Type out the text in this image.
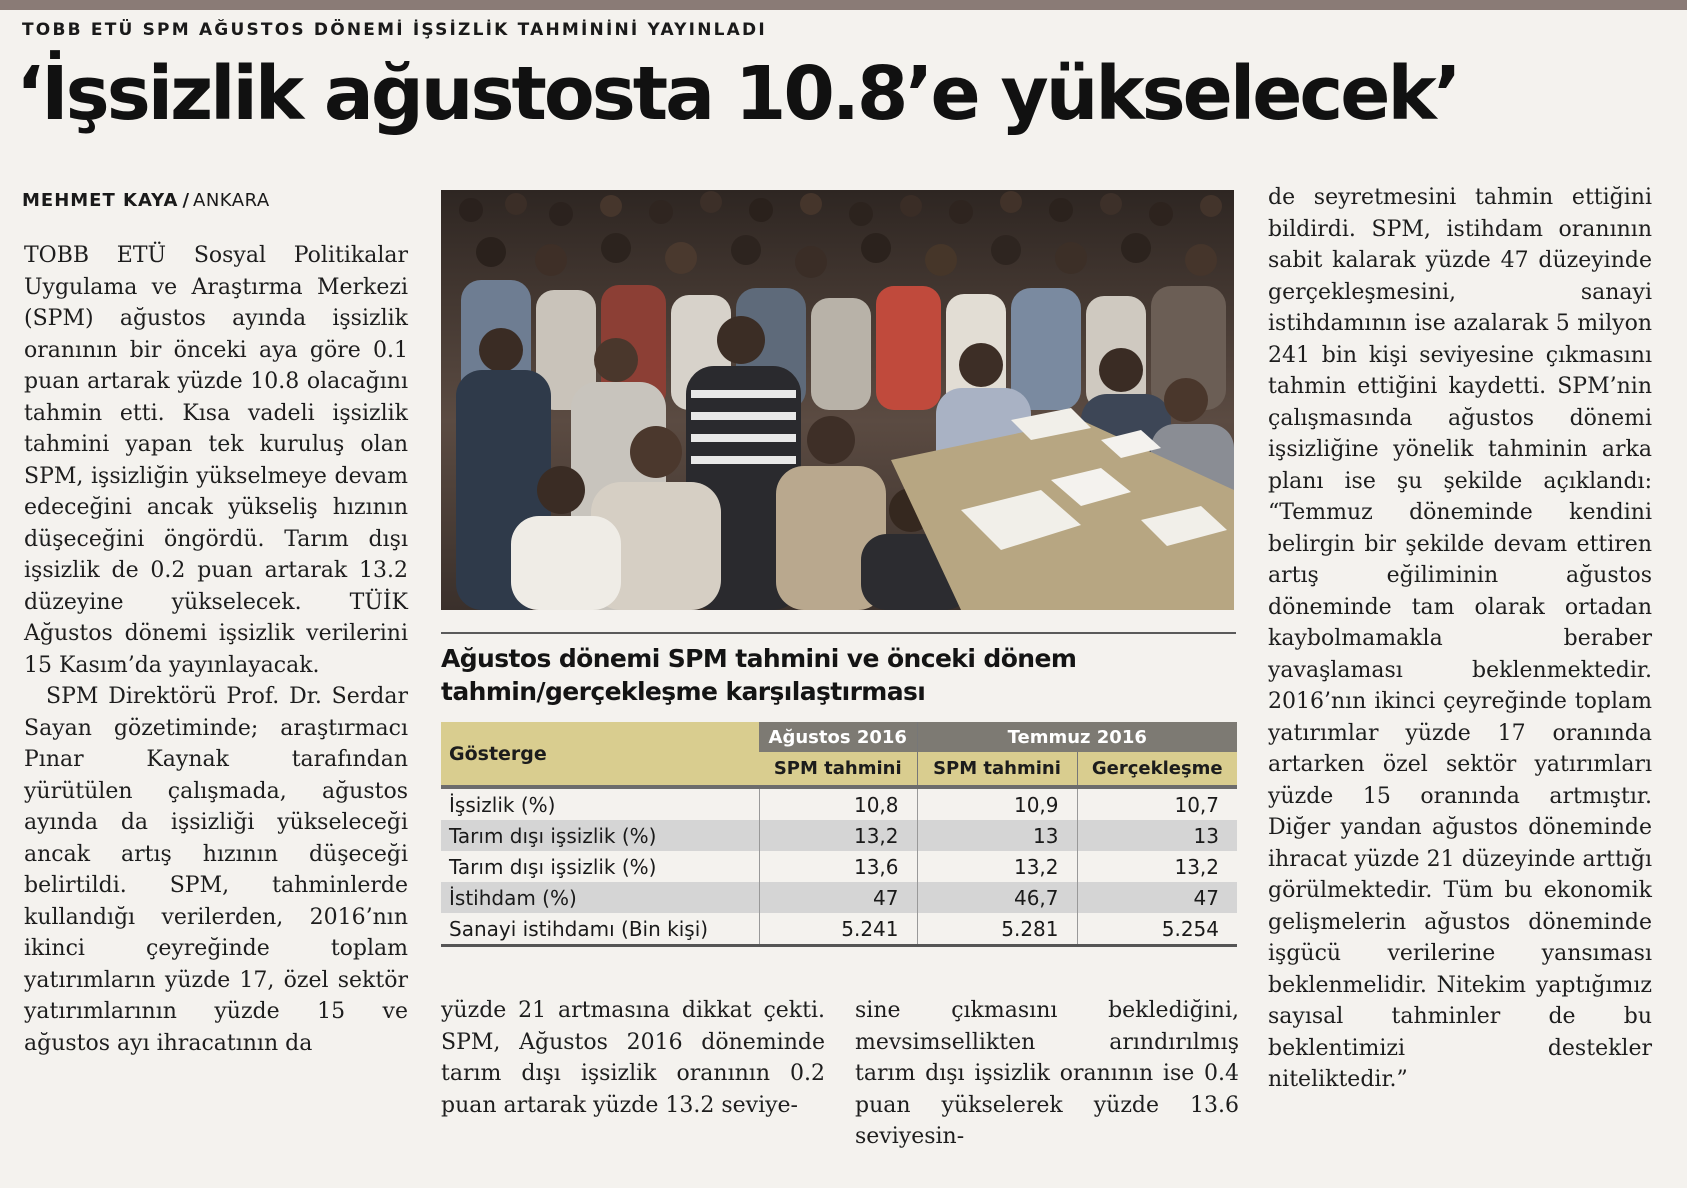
TOBB ETÜ SPM AĞUSTOS DÖNEMİ İŞSİZLİK TAHMİNİNİ YAYINLADI
‘İşsizlik ağustosta 10.8’e yükselecek’
MEHMET KAYA / ANKARA

TOBB ETÜ Sosyal Politikalar Uygulama ve Araştırma Merkezi (SPM) ağustos ayında işsizlik oranının bir önceki aya göre 0.1 puan artarak yüzde 10.8 olacağını tahmin etti. Kısa vadeli işsizlik tahmini yapan tek kuruluş olan SPM, işsizliğin yükselmeye devam edeceğini ancak yükseliş hızının düşeceğini öngördü. Tarım dışı işsizlik de 0.2 puan artarak 13.2 düzeyine yükselecek. TÜİK Ağustos dönemi işsizlik verilerini 15 Kasım’da yayınlayacak.

SPM Direktörü Prof. Dr. Serdar Sayan gözetiminde; araştırmacı Pınar Kaynak tarafından yürütülen çalışmada, ağustos ayında da işsizliği yükseleceği ancak artış hızının düşeceği belirtildi. SPM, tahminlerde kullandığı verilerden, 2016’nın ikinci çeyreğinde toplam yatırımların yüzde 17, özel sektör yatırımlarının yüzde 15 ve ağustos ayı ihracatının da

Ağustos dönemi SPM tahmini ve önceki dönem
tahmin/gerçekleşme karşılaştırması
Gösterge	Ağustos 2016	Temmuz 2016	
	SPM tahmini	SPM tahmini	Gerçekleşme
İşsizlik (%)	10,8	10,9	10,7
Tarım dışı işsizlik (%)	13,2	13	13
Tarım dışı işsizlik (%)	13,6	13,2	13,2
İstihdam (%)	47	46,7	47
Sanayi istihdamı (Bin kişi)	5.241	5.281	5.254

yüzde 21 artmasına dikkat çekti. SPM, Ağustos 2016 döneminde tarım dışı işsizlik oranının 0.2 puan artarak yüzde 13.2 seviye-

sine çıkmasını beklediğini, mevsimsellikten arındırılmış tarım dışı işsizlik oranının ise 0.4 puan yükselerek yüzde 13.6 seviyesin-

de seyretmesini tahmin ettiğini bildirdi. SPM, istihdam oranının sabit kalarak yüzde 47 düzeyinde gerçekleşmesini, sanayi istihdamının ise azalarak 5 milyon 241 bin kişi seviyesine çıkmasını tahmin ettiğini kaydetti. SPM’nin çalışmasında ağustos dönemi işsizliğine yönelik tahminin arka planı ise şu şekilde açıklandı: “Temmuz döneminde kendini belirgin bir şekilde devam ettiren artış eğiliminin ağustos döneminde tam olarak ortadan kaybolmamakla beraber yavaşlaması beklenmektedir. 2016’nın ikinci çeyreğinde toplam yatırımlar yüzde 17 oranında artarken özel sektör yatırımları yüzde 15 oranında artmıştır. Diğer yandan ağustos döneminde ihracat yüzde 21 düzeyinde arttığı görülmektedir. Tüm bu ekonomik gelişmelerin ağustos döneminde işgücü verilerine yansıması beklenmelidir. Nitekim yaptığımız sayısal tahminler de bu beklentimizi destekler niteliktedir.”
